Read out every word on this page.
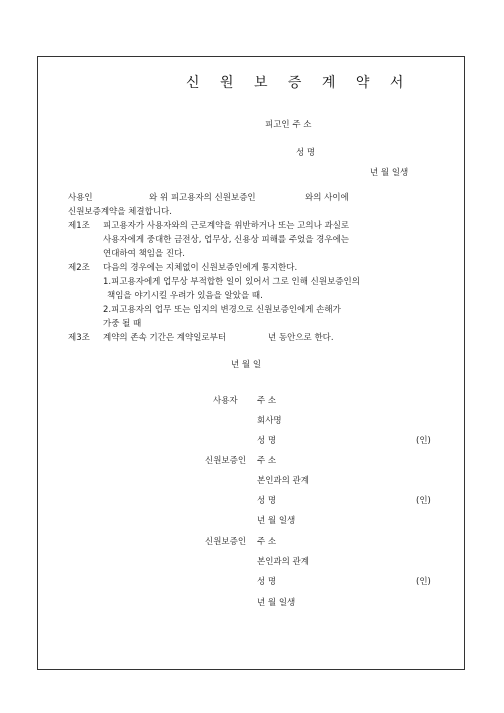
신 원 보 증 계 약 서
피고인 주 소
성 명
년 월 일생
사용인	와 위 피고용자의 신원보증인	와의 사이에
신원보증계약을 체결합니다.
제1조 피고용자가 사용자와의 근로계약을 위반하거나 또는 고의나 과실로
사용자에게 중대한 금전상, 업무상, 신용상 피해를 주었을 경우에는
연대하여 책임을 진다.
제2조 다음의 경우에는 지체없이 신원보증인에게 통지한다.
1.피고용자에게 업무상 부적합한 일이 있어서 그로 인해 신원보증인의
책임을 야기시킬 우려가 있음을 알았을 때.
2.피고용자의 업무 또는 임지의 변경으로 신원보증인에게 손해가
가중 될 때
제3조 계약의 존속 기간은 계약일로부터	년 동안으로 한다.
년 월 일
사용자 주 소
회사명
성 명	(인)
신원보증인 주 소
본인과의 관계
성 명	(인)
년 월 일생
신원보증인 주 소
본인과의 관계
성 명	(인)
년 월 일생
